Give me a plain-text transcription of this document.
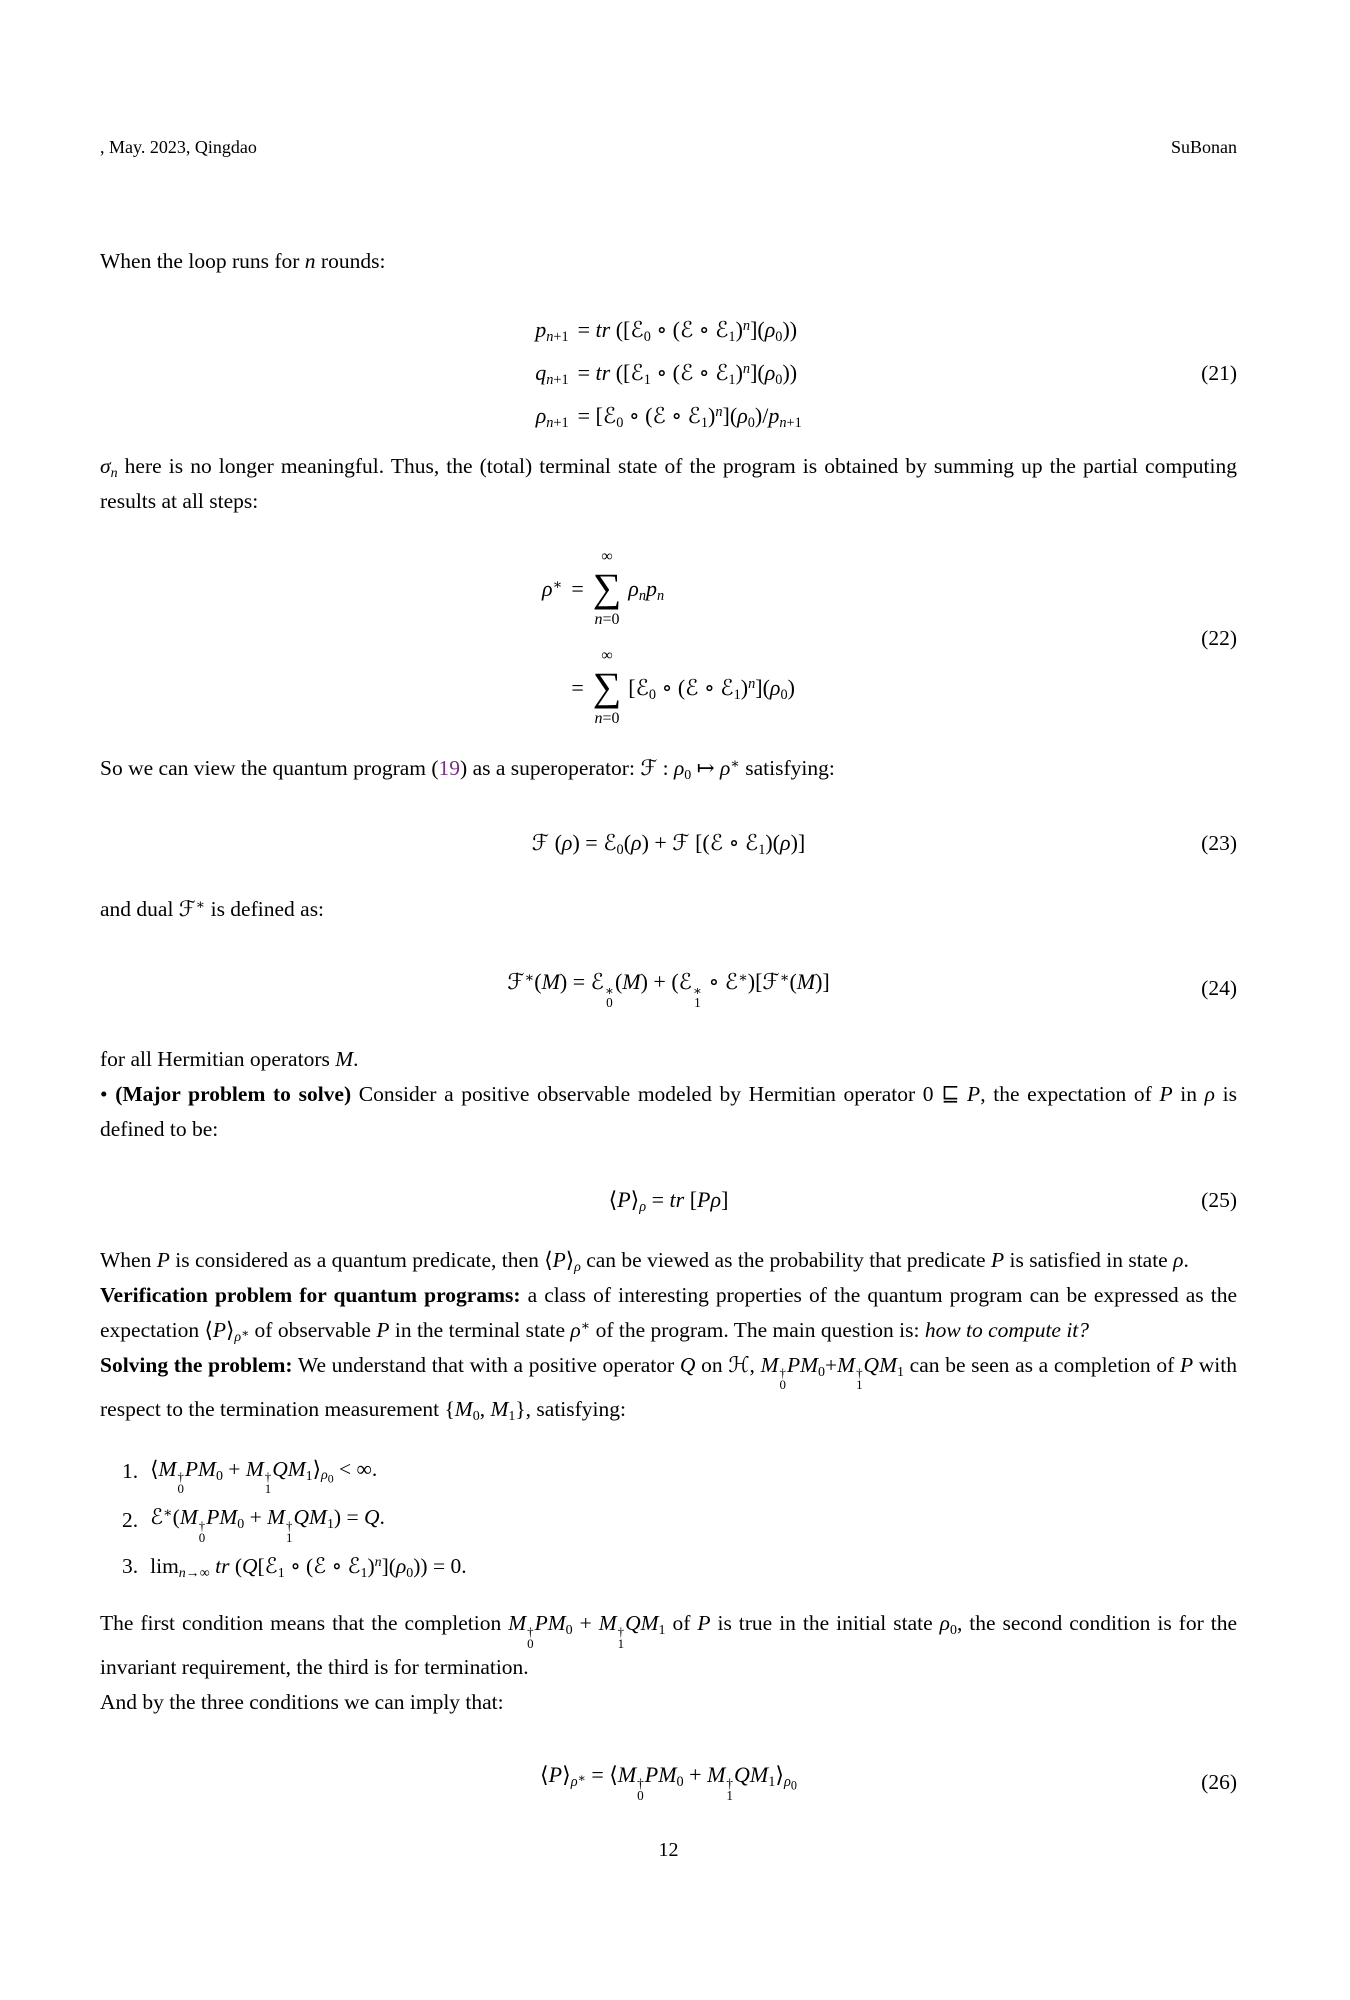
, May. 2023, Qingdao	SuBonan

When the loop runs for n rounds:

$p_{n+1}$ = tr ([ℰ$_0$ ∘ (ℰ ∘ $ℰ_1)^n](\rho_0)$)
$q_{n+1}$ = tr ([ℰ$_1$ ∘ (ℰ ∘ $ℰ_1)^n](\rho_0)$)
$\rho_{n+1}$ = [ℰ$_0$ ∘ (ℰ ∘ $ℰ_1)^n](\rho_0)/p_{n+1}$
(21)

$\sigma_n$ here is no longer meaningful. Thus, the (total) terminal state of the program is obtained by summing up the partial computing results at all steps:

ρ∗ =
∞
∑
n=0
$\rho_np_n$
=
∞
∑
n=0
[ℰ$_0$ ∘ (ℰ ∘ $ℰ_1)^n](\rho_0)$
(22)

So we can view the quantum program (19) as a superoperator: ℱ : $\rho_0$ ↦ ρ∗ satisfying:

ℱ (ρ) = ℰ$_0$(ρ) + ℱ [(ℰ ∘ ℰ$_1$)(ρ)]	(23)

and dual ℱ∗ is defined as:

ℱ∗(M) = ℰ ∗
0
(M) + (ℰ ∗
1
∘ ℰ∗)[ℱ∗(M)]	(24)

for all Hermitian operators M.

• (Major problem to solve) Consider a positive observable modeled by Hermitian operator 0 ⊑ P, the expectation of P in ρ is defined to be:

$⟨P⟩_\rho$ = tr [Pρ]	(25)

When P is considered as a quantum predicate, then $⟨P⟩_\rho$ can be viewed as the probability that predicate P is satisfied in state ρ.

Verification problem for quantum programs: a class of interesting properties of the quantum program can be expressed as the expectation $⟨P⟩_{\rho^∗}$ of observable P in the terminal state ρ∗ of the program. The main question is: how to compute it?

Solving the problem: We understand that with a positive operator Q on ℋ, M †
0
$PM_0+M$ †
1
$QM_1$ can be seen as a completion of P with respect to the termination measurement {$M_0$, $M_1$}, satisfying:

1. ⟨M †
0
$PM_0 + M$ †
1
$QM_1⟩_{\rho_0}$ < ∞.
2. ℰ∗(M †
0
$PM_0 + M$ †
1
$QM_1) = Q$.
3. $\lim_{n\to\infty}$ tr (Q[ℰ$_1$ ∘ (ℰ ∘ $ℰ_1)^n](\rho_0)) = 0$.

The first condition means that the completion M †
0
$PM_0 + M$ †
1
$QM_1$ of P is true in the initial state $\rho_0$, the second condition is for the invariant requirement, the third is for termination.

And by the three conditions we can imply that:

$⟨P⟩_{\rho^∗}$ = ⟨M †
0
$PM_0 + M$ †
1
$QM_1⟩_{\rho_0}$	(26)
12
